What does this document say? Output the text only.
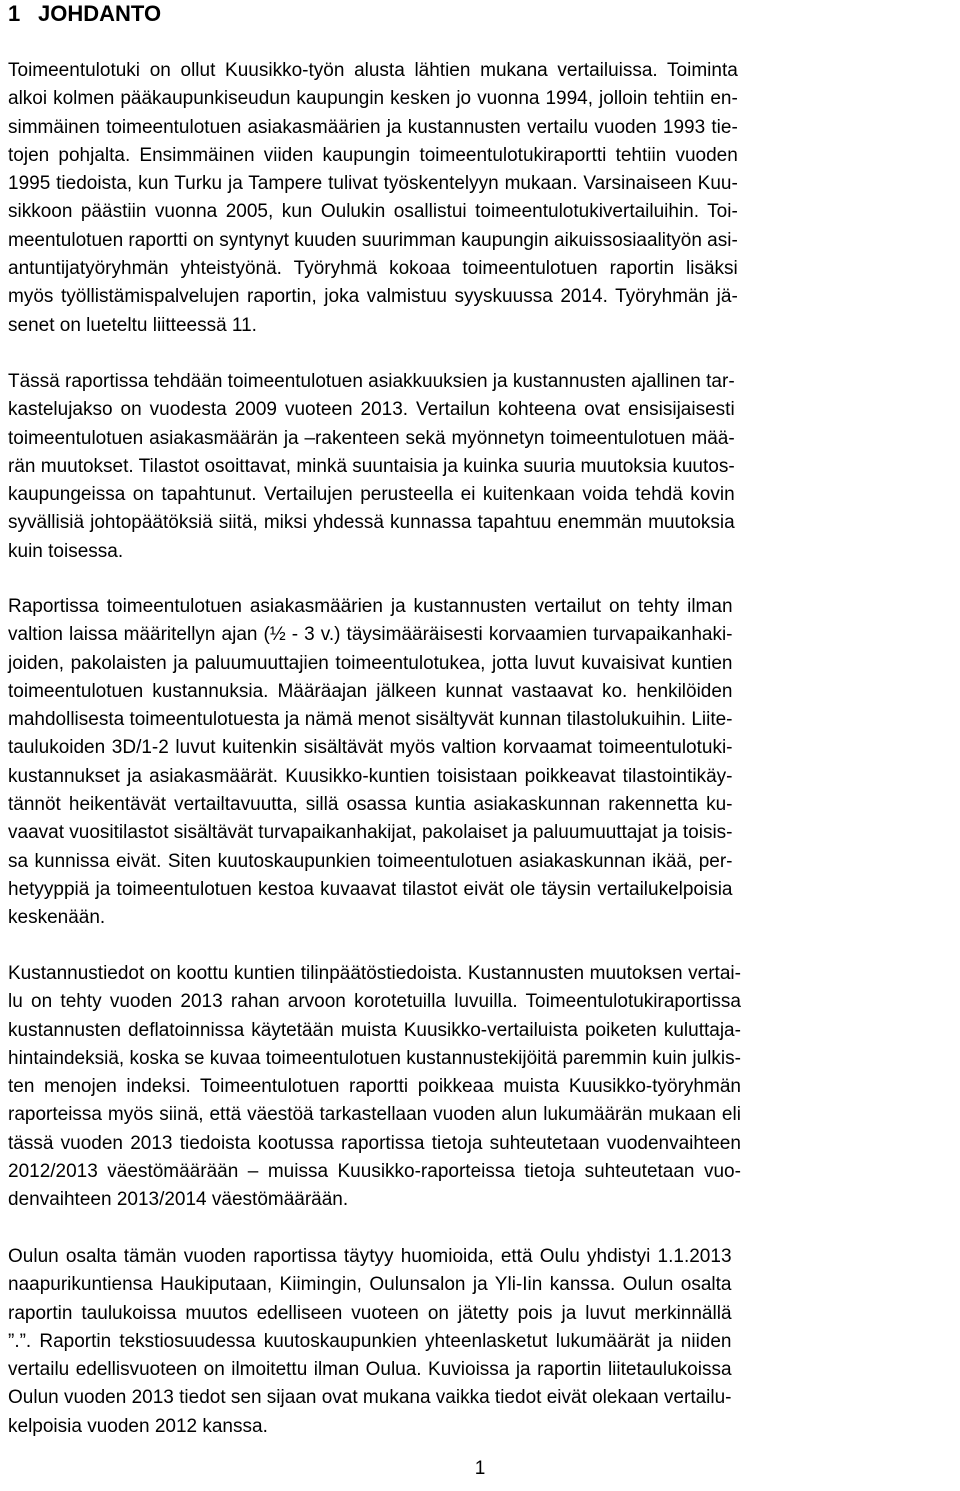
1 JOHDANTO
Toimeentulotuki on ollut Kuusikko-työn alusta lähtien mukana vertailuissa. Toiminta
alkoi kolmen pääkaupunkiseudun kaupungin kesken jo vuonna 1994, jolloin tehtiin en-
simmäinen toimeentulotuen asiakasmäärien ja kustannusten vertailu vuoden 1993 tie-
tojen pohjalta. Ensimmäinen viiden kaupungin toimeentulotukiraportti tehtiin vuoden
1995 tiedoista, kun Turku ja Tampere tulivat työskentelyyn mukaan. Varsinaiseen Kuu-
sikkoon päästiin vuonna 2005, kun Oulukin osallistui toimeentulotukivertailuihin. Toi-
meentulotuen raportti on syntynyt kuuden suurimman kaupungin aikuissosiaalityön asi-
antuntijatyöryhmän yhteistyönä. Työryhmä kokoaa toimeentulotuen raportin lisäksi
myös työllistämispalvelujen raportin, joka valmistuu syyskuussa 2014. Työryhmän jä-
senet on lueteltu liitteessä 11.
Tässä raportissa tehdään toimeentulotuen asiakkuuksien ja kustannusten ajallinen tar-
kastelujakso on vuodesta 2009 vuoteen 2013. Vertailun kohteena ovat ensisijaisesti
toimeentulotuen asiakasmäärän ja –rakenteen sekä myönnetyn toimeentulotuen mää-
rän muutokset. Tilastot osoittavat, minkä suuntaisia ja kuinka suuria muutoksia kuutos-
kaupungeissa on tapahtunut. Vertailujen perusteella ei kuitenkaan voida tehdä kovin
syvällisiä johtopäätöksiä siitä, miksi yhdessä kunnassa tapahtuu enemmän muutoksia
kuin toisessa.
Raportissa toimeentulotuen asiakasmäärien ja kustannusten vertailut on tehty ilman
valtion laissa määritellyn ajan (½ - 3 v.) täysimääräisesti korvaamien turvapaikanhaki-
joiden, pakolaisten ja paluumuuttajien toimeentulotukea, jotta luvut kuvaisivat kuntien
toimeentulotuen kustannuksia. Määräajan jälkeen kunnat vastaavat ko. henkilöiden
mahdollisesta toimeentulotuesta ja nämä menot sisältyvät kunnan tilastolukuihin. Liite-
taulukoiden 3D/1-2 luvut kuitenkin sisältävät myös valtion korvaamat toimeentulotuki-
kustannukset ja asiakasmäärät. Kuusikko-kuntien toisistaan poikkeavat tilastointikäy-
tännöt heikentävät vertailtavuutta, sillä osassa kuntia asiakaskunnan rakennetta ku-
vaavat vuositilastot sisältävät turvapaikanhakijat, pakolaiset ja paluumuuttajat ja toisis-
sa kunnissa eivät. Siten kuutoskaupunkien toimeentulotuen asiakaskunnan ikää, per-
hetyyppiä ja toimeentulotuen kestoa kuvaavat tilastot eivät ole täysin vertailukelpoisia
keskenään.
Kustannustiedot on koottu kuntien tilinpäätöstiedoista. Kustannusten muutoksen vertai-
lu on tehty vuoden 2013 rahan arvoon korotetuilla luvuilla. Toimeentulotukiraportissa
kustannusten deflatoinnissa käytetään muista Kuusikko-vertailuista poiketen kuluttaja-
hintaindeksiä, koska se kuvaa toimeentulotuen kustannustekijöitä paremmin kuin julkis-
ten menojen indeksi. Toimeentulotuen raportti poikkeaa muista Kuusikko-työryhmän
raporteissa myös siinä, että väestöä tarkastellaan vuoden alun lukumäärän mukaan eli
tässä vuoden 2013 tiedoista kootussa raportissa tietoja suhteutetaan vuodenvaihteen
2012/2013 väestömäärään – muissa Kuusikko-raporteissa tietoja suhteutetaan vuo-
denvaihteen 2013/2014 väestömäärään.
Oulun osalta tämän vuoden raportissa täytyy huomioida, että Oulu yhdistyi 1.1.2013
naapurikuntiensa Haukiputaan, Kiimingin, Oulunsalon ja Yli-Iin kanssa. Oulun osalta
raportin taulukoissa muutos edelliseen vuoteen on jätetty pois ja luvut merkinnällä
”.”. Raportin tekstiosuudessa kuutoskaupunkien yhteenlasketut lukumäärät ja niiden
vertailu edellisvuoteen on ilmoitettu ilman Oulua. Kuvioissa ja raportin liitetaulukoissa
Oulun vuoden 2013 tiedot sen sijaan ovat mukana vaikka tiedot eivät olekaan vertailu-
kelpoisia vuoden 2012 kanssa.
1
